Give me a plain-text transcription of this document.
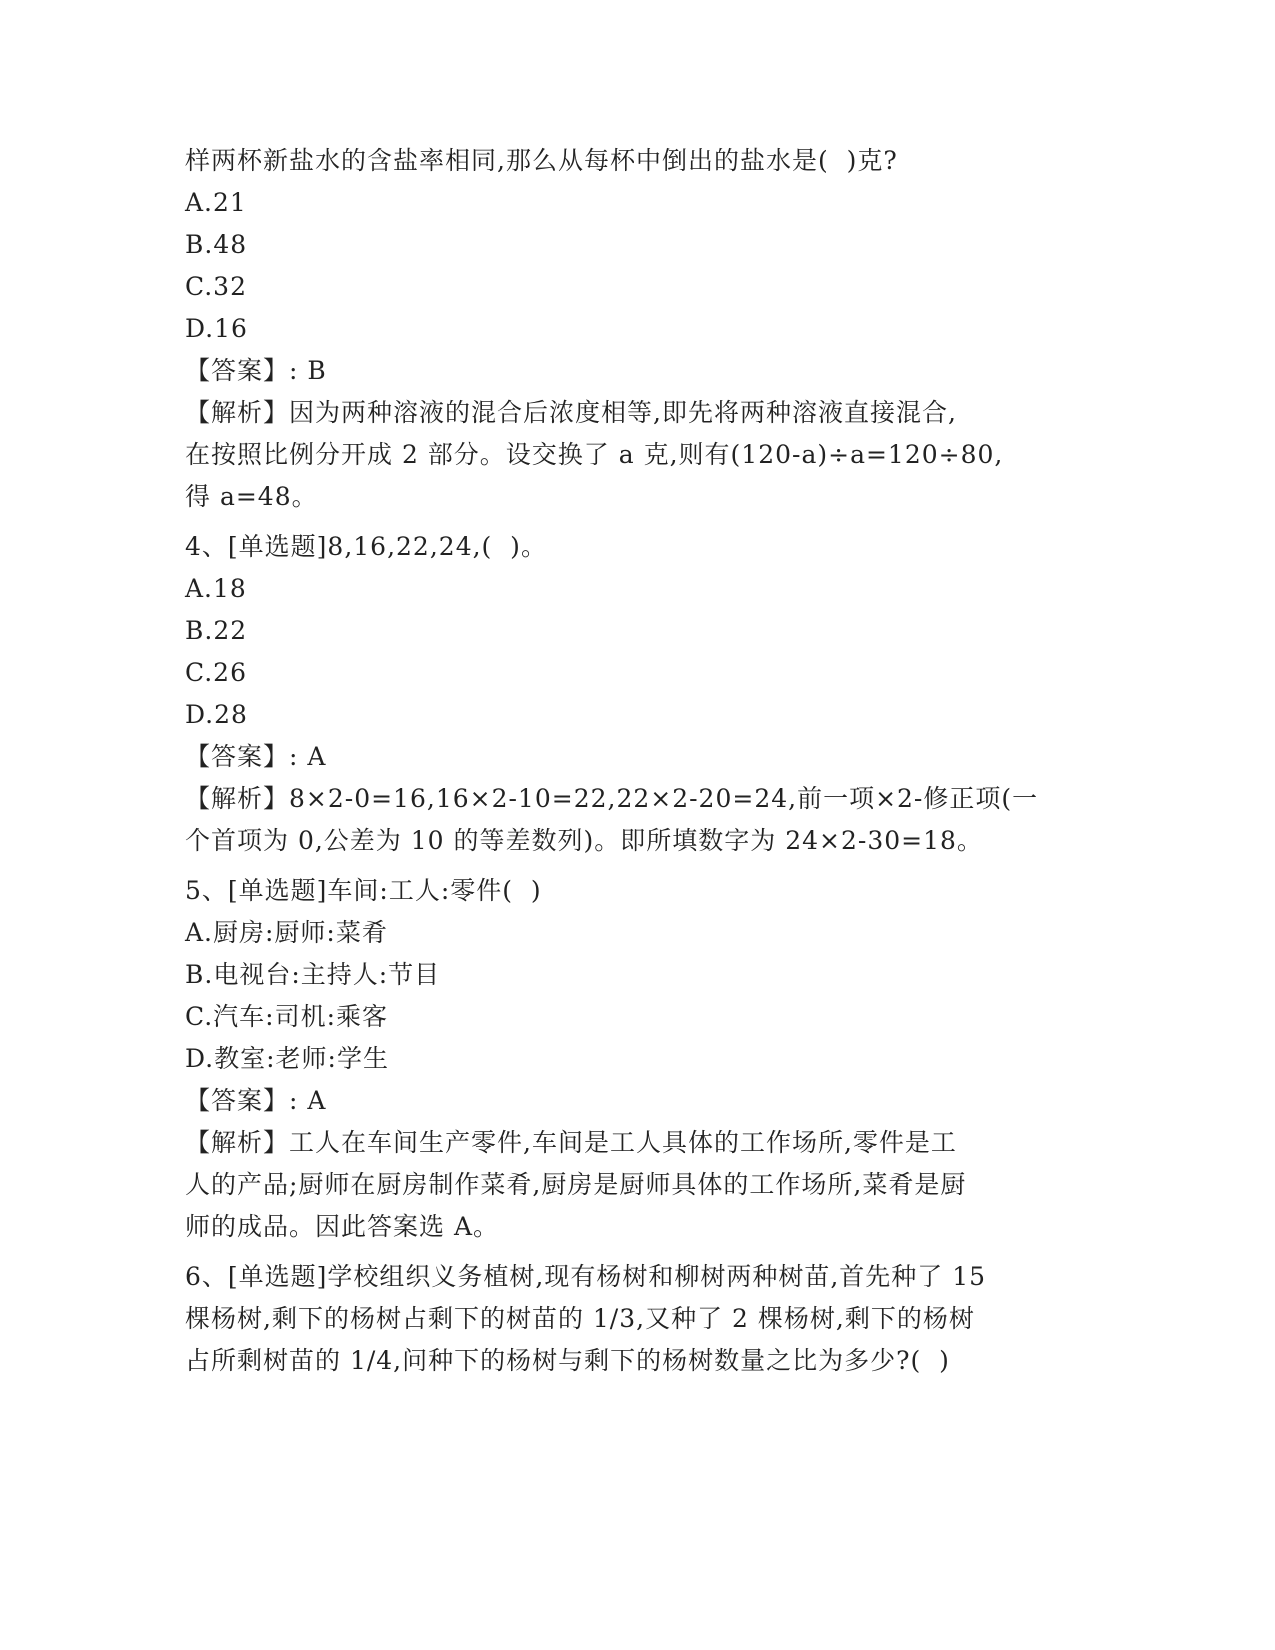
样两杯新盐水的含盐率相同,那么从每杯中倒出的盐水是(  )克?
A.21
B.48
C.32
D.16
【答案】: B
【解析】因为两种溶液的混合后浓度相等,即先将两种溶液直接混合,
在按照比例分开成 2 部分。设交换了 a 克,则有(120-a)÷a=120÷80,
得 a=48。
4、[单选题]8,16,22,24,(  )。
A.18
B.22
C.26
D.28
【答案】: A
【解析】8×2-0=16,16×2-10=22,22×2-20=24,前一项×2-修正项(一
个首项为 0,公差为 10 的等差数列)。即所填数字为 24×2-30=18。
5、[单选题]车间:工人:零件(  )
A.厨房:厨师:菜肴
B.电视台:主持人:节目
C.汽车:司机:乘客
D.教室:老师:学生
【答案】: A
【解析】工人在车间生产零件,车间是工人具体的工作场所,零件是工
人的产品;厨师在厨房制作菜肴,厨房是厨师具体的工作场所,菜肴是厨
师的成品。因此答案选 A。
6、[单选题]学校组织义务植树,现有杨树和柳树两种树苗,首先种了 15
棵杨树,剩下的杨树占剩下的树苗的 1/3,又种了 2 棵杨树,剩下的杨树
占所剩树苗的 1/4,问种下的杨树与剩下的杨树数量之比为多少?(  )
